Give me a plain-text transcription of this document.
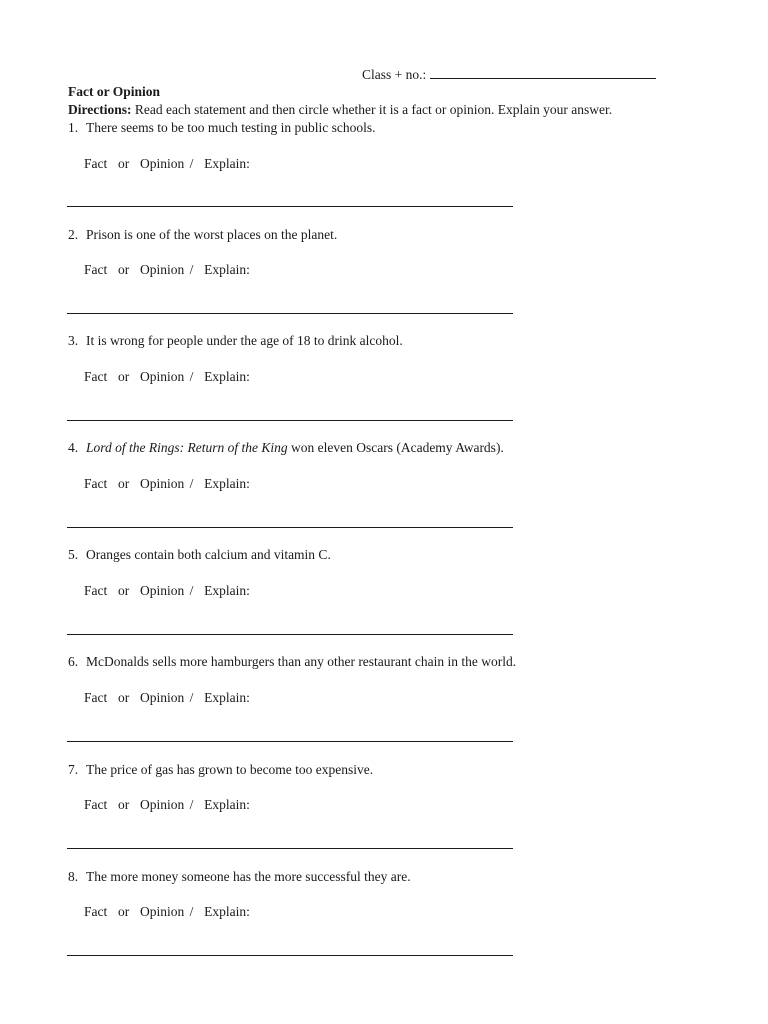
Class + no.:
Fact or Opinion
Directions: Read each statement and then circle whether it is a fact or opinion. Explain your answer.
1. There seems to be too much testing in public schools.
Fact  or  Opinion /  Explain:
2. Prison is one of the worst places on the planet.
Fact  or  Opinion /  Explain:
3. It is wrong for people under the age of 18 to drink alcohol.
Fact  or  Opinion /  Explain:
4. Lord of the Rings: Return of the King won eleven Oscars (Academy Awards).
Fact  or  Opinion /  Explain:
5. Oranges contain both calcium and vitamin C.
Fact  or  Opinion /  Explain:
6. McDonalds sells more hamburgers than any other restaurant chain in the world.
Fact  or  Opinion /  Explain:
7. The price of gas has grown to become too expensive.
Fact  or  Opinion /  Explain:
8. The more money someone has the more successful they are.
Fact  or  Opinion /  Explain:
